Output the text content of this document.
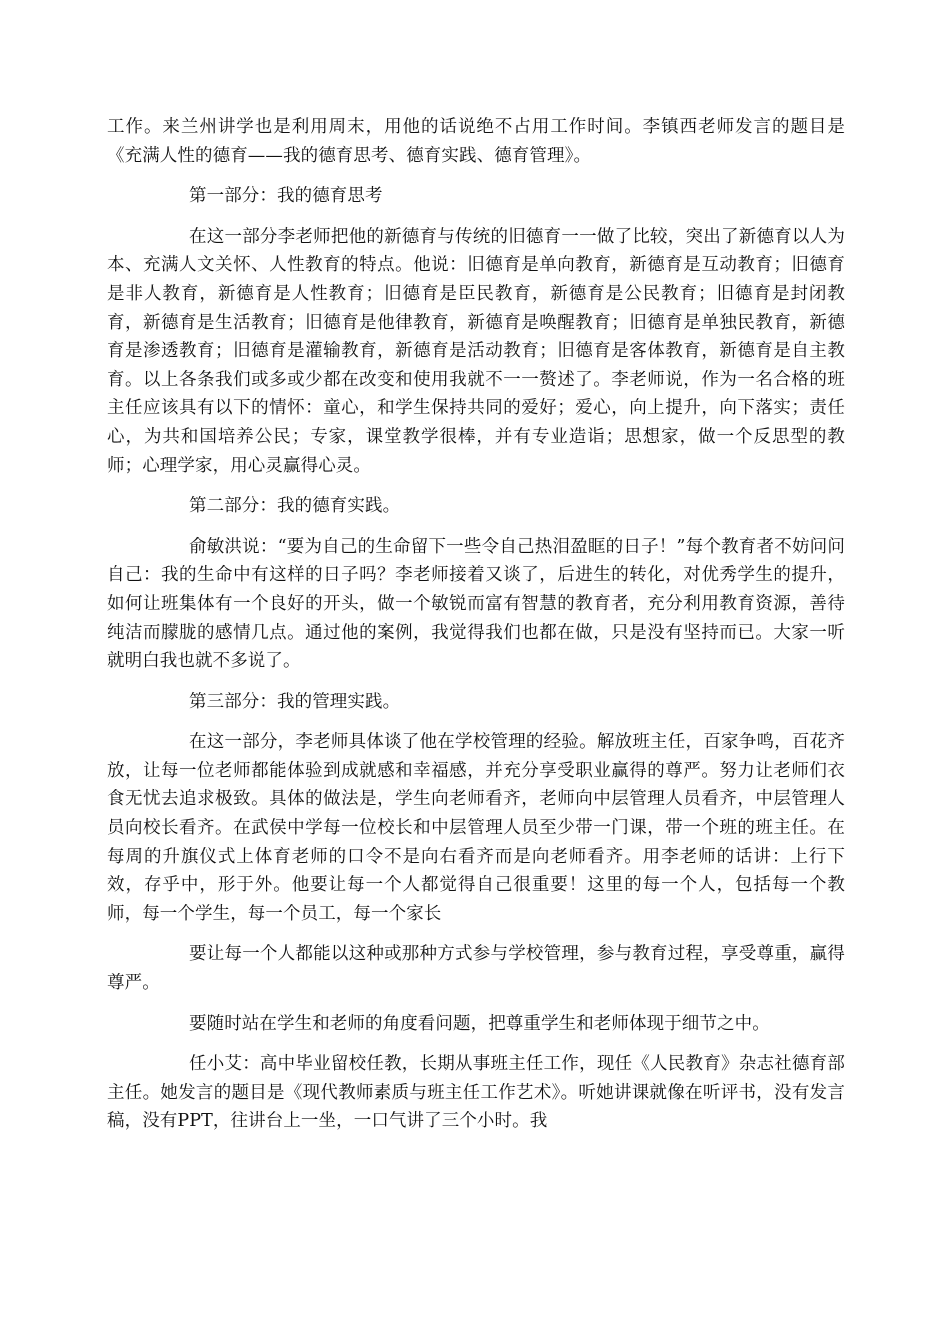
工作。来兰州讲学也是利用周末，用他的话说绝不占用工作时间。李镇西老师发言的题目是《充满人性的德育——我的德育思考、德育实践、德育管理》。

第一部分：我的德育思考

在这一部分李老师把他的新德育与传统的旧德育一一做了比较，突出了新德育以人为本、充满人文关怀、人性教育的特点。他说：旧德育是单向教育，新德育是互动教育；旧德育是非人教育，新德育是人性教育；旧德育是臣民教育，新德育是公民教育；旧德育是封闭教育，新德育是生活教育；旧德育是他律教育，新德育是唤醒教育；旧德育是单独民教育，新德育是渗透教育；旧德育是灌输教育，新德育是活动教育；旧德育是客体教育，新德育是自主教育。以上各条我们或多或少都在改变和使用我就不一一赘述了。李老师说，作为一名合格的班主任应该具有以下的情怀：童心，和学生保持共同的爱好；爱心，向上提升，向下落实；责任心，为共和国培养公民；专家，课堂教学很棒，并有专业造诣；思想家，做一个反思型的教师；心理学家，用心灵赢得心灵。

第二部分：我的德育实践。

俞敏洪说：“要为自己的生命留下一些令自己热泪盈眶的日子！”每个教育者不妨问问自己：我的生命中有这样的日子吗？李老师接着又谈了，后进生的转化，对优秀学生的提升，如何让班集体有一个良好的开头，做一个敏锐而富有智慧的教育者，充分利用教育资源，善待纯洁而朦胧的感情几点。通过他的案例，我觉得我们也都在做，只是没有坚持而已。大家一听就明白我也就不多说了。

第三部分：我的管理实践。

在这一部分，李老师具体谈了他在学校管理的经验。解放班主任，百家争鸣，百花齐放，让每一位老师都能体验到成就感和幸福感，并充分享受职业赢得的尊严。努力让老师们衣食无忧去追求极致。具体的做法是，学生向老师看齐，老师向中层管理人员看齐，中层管理人员向校长看齐。在武侯中学每一位校长和中层管理人员至少带一门课，带一个班的班主任。在每周的升旗仪式上体育老师的口令不是向右看齐而是向老师看齐。用李老师的话讲：上行下效，存乎中，形于外。他要让每一个人都觉得自己很重要！这里的每一个人，包括每一个教师，每一个学生，每一个员工，每一个家长

要让每一个人都能以这种或那种方式参与学校管理，参与教育过程，享受尊重，赢得尊严。

要随时站在学生和老师的角度看问题，把尊重学生和老师体现于细节之中。

任小艾：高中毕业留校任教，长期从事班主任工作，现任《人民教育》杂志社德育部主任。她发言的题目是《现代教师素质与班主任工作艺术》。听她讲课就像在听评书，没有发言稿，没有PPT，往讲台上一坐，一口气讲了三个小时。我
